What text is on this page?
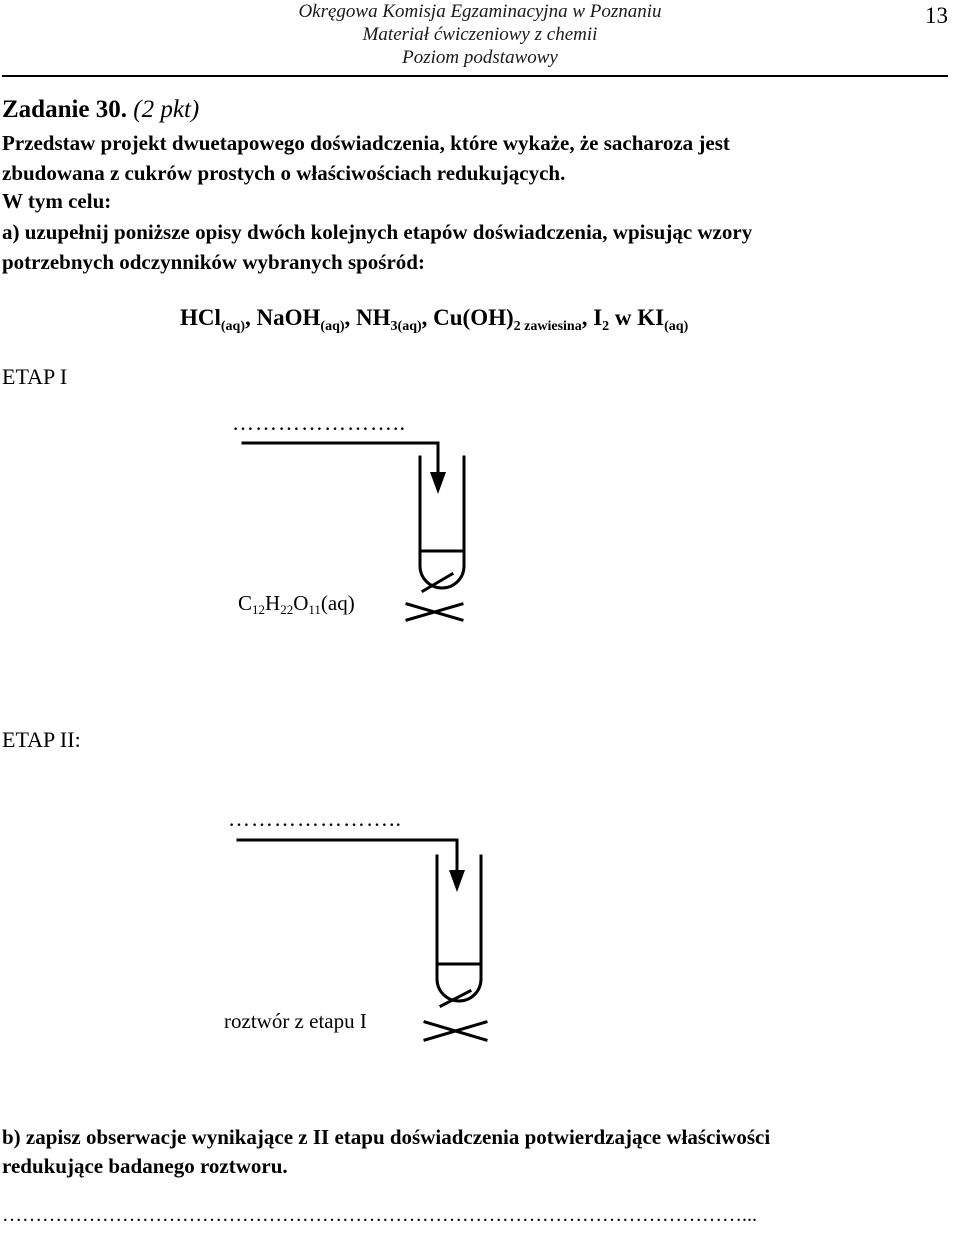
Okręgowa Komisja Egzaminacyjna w Poznaniu
Materiał ćwiczeniowy z chemii
Poziom podstawowy
13
Zadanie 30. (2 pkt)
Przedstaw projekt dwuetapowego doświadczenia, które wykaże, że sacharoza jest
zbudowana z cukrów prostych o właściwościach redukujących.
W tym celu:
a) uzupełnij poniższe opisy dwóch kolejnych etapów doświadczenia, wpisując wzory
potrzebnych odczynników wybranych spośród:
HCl$_{(aq)}$, NaOH$_{(aq)}$, $NH_{3(aq)}$, $Cu(OH)_{2 zawiesina}$, $I_2$ w $KI_{(aq)}$
ETAP I
…………………..
$C_{12}H_{22}O_{11}(aq)$
ETAP II:
…………………..
roztwór z etapu I
b) zapisz obserwacje wynikające z II etapu doświadczenia potwierdzające właściwości
redukujące badanego roztworu.
…………………………………………………………………………………………………...
